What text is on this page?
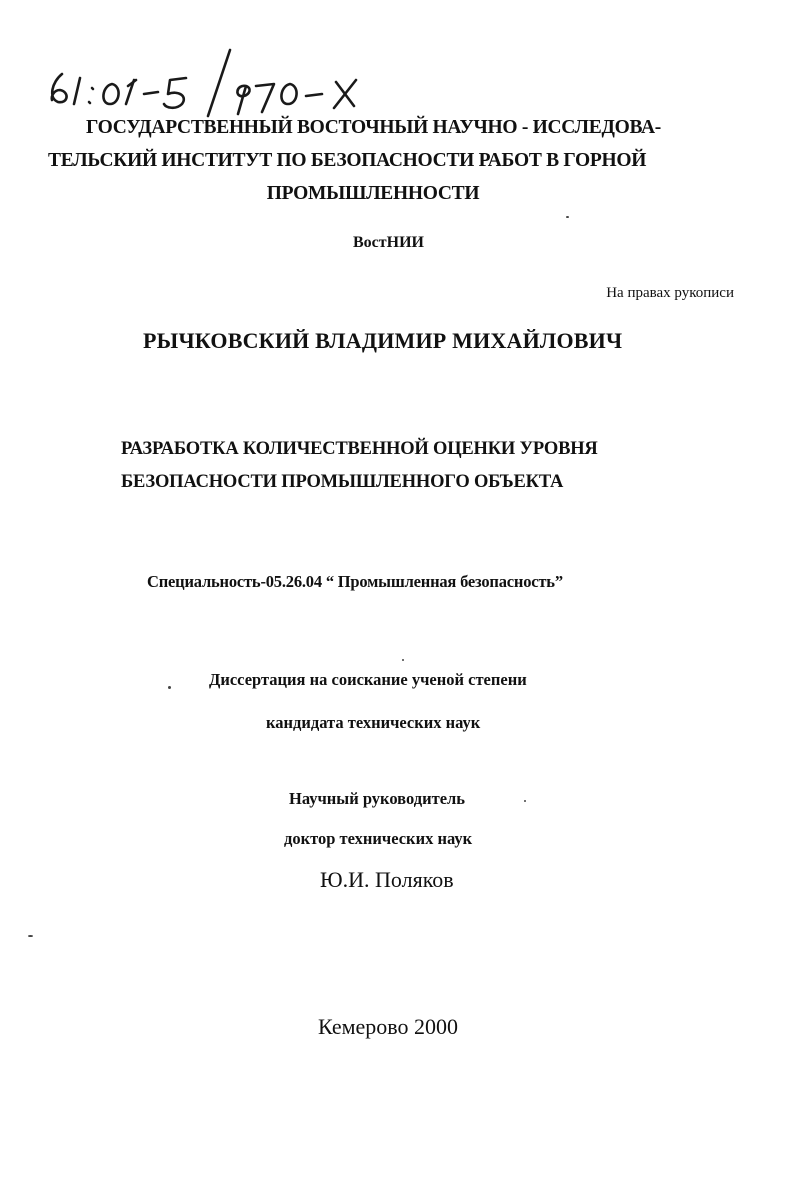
ГОСУДАРСТВЕННЫЙ ВОСТОЧНЫЙ НАУЧНО - ИССЛЕДОВА-
ТЕЛЬСКИЙ ИНСТИТУТ ПО БЕЗОПАСНОСТИ РАБОТ В ГОРНОЙ
ПРОМЫШЛЕННОСТИ
ВостНИИ
На правах рукописи
РЫЧКОВСКИЙ ВЛАДИМИР МИХАЙЛОВИЧ
РАЗРАБОТКА КОЛИЧЕСТВЕННОЙ ОЦЕНКИ УРОВНЯ
БЕЗОПАСНОСТИ ПРОМЫШЛЕННОГО ОБЪЕКТА
Специальность-05.26.04 “ Промышленная безопасность”
Диссертация на соискание ученой степени
кандидата технических наук
Научный руководитель
доктор технических наук
Ю.И. Поляков
Кемерово 2000
